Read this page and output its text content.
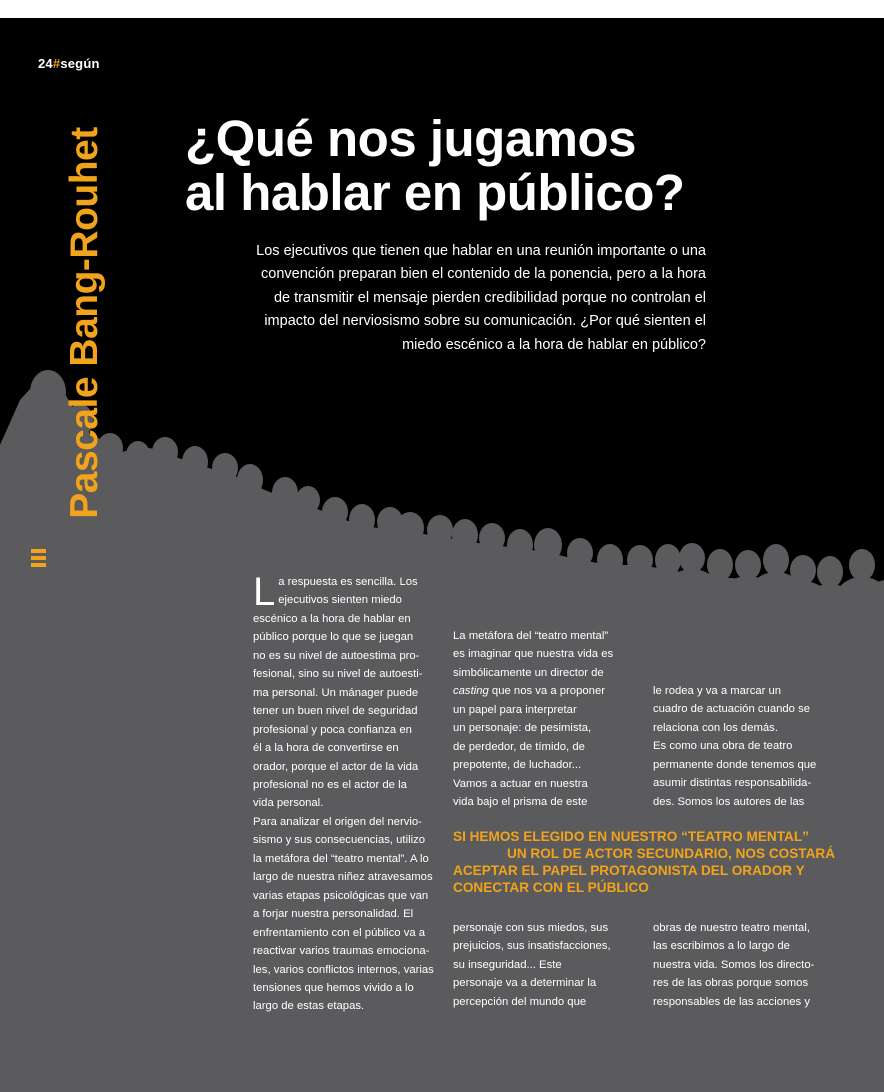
24#según
Pascale Bang-Rouhet ¿Qué nos jugamos
al hablar en público?
Los ejecutivos que tienen que hablar en una reunión importante o una
convención preparan bien el contenido de la ponencia, pero a la hora
de transmitir el mensaje pierden credibilidad porque no controlan el
impacto del nerviosismo sobre su comunicación. ¿Por qué sienten el
miedo escénico a la hora de hablar en público?
L a respuesta es sencilla. Los
ejecutivos sienten miedo
escénico a la hora de hablar en
público porque lo que se juegan
no es su nivel de autoestima pro-
fesional, sino su nivel de autoesti-
ma personal. Un mánager puede
tener un buen nivel de seguridad
profesional y poca confianza en
él a la hora de convertirse en
orador, porque el actor de la vida
profesional no es el actor de la
vida personal.
Para analizar el origen del nervio-
sismo y sus consecuencias, utilizo
la metáfora del “teatro mental”. A lo
largo de nuestra niñez atravesamos
varias etapas psicológicas que van
a forjar nuestra personalidad. El
enfrentamiento con el público va a
reactivar varios traumas emociona-
les, varios conflictos internos, varias
tensiones que hemos vivido a lo
largo de estas etapas.
La metáfora del “teatro mental”
es imaginar que nuestra vida es
simbólicamente un director de
casting que nos va a proponer
un papel para interpretar
un personaje: de pesimista,
de perdedor, de tímido, de
prepotente, de luchador...
Vamos a actuar en nuestra
vida bajo el prisma de este
le rodea y va a marcar un
cuadro de actuación cuando se
relaciona con los demás.
Es como una obra de teatro
permanente donde tenemos que
asumir distintas responsabilida-
des. Somos los autores de las
SI HEMOS ELEGIDO EN NUESTRO “TEATRO MENTAL”
UN ROL DE ACTOR SECUNDARIO, NOS COSTARÁ
ACEPTAR EL PAPEL PROTAGONISTA DEL ORADOR Y
CONECTAR CON EL PÚBLICO
personaje con sus miedos, sus
prejuicios, sus insatisfacciones,
su inseguridad... Este
personaje va a determinar la
percepción del mundo que
obras de nuestro teatro mental,
las escribimos a lo largo de
nuestra vida. Somos los directo-
res de las obras porque somos
responsables de las acciones y
